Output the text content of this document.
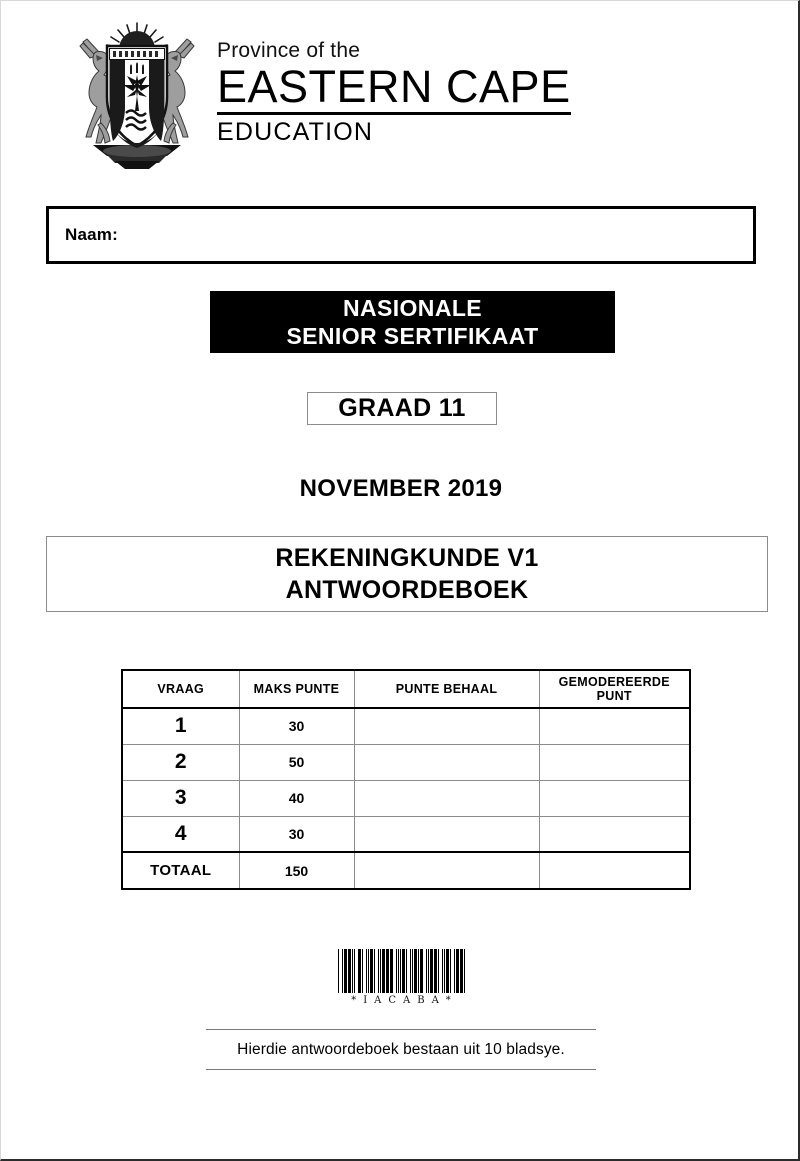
Province of the
EASTERN CAPE
EDUCATION
Naam:
NASIONALE
SENIOR SERTIFIKAAT
GRAAD 11
NOVEMBER 2019
REKENINGKUNDE V1
ANTWOORDEBOEK
VRAAG	MAKS PUNTE	PUNTE BEHAAL	GEMODEREERDE PUNT
1	30		
2	50		
3	40		
4	30		
TOTAAL	150		
*IACABA*
Hierdie antwoordeboek bestaan uit 10 bladsye.
